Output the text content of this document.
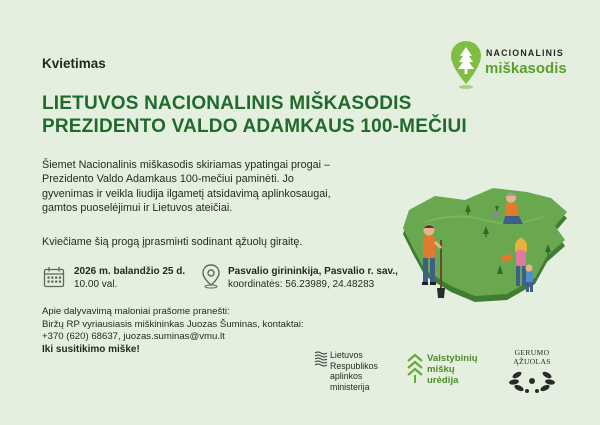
Kvietimas
LIETUVOS NACIONALINIS MIŠKASODIS
PREZIDENTO VALDO ADAMKAUS 100-MEČIUI
NACIONALINIS
miškasodis
Šiemet Nacionalinis miškasodis skiriamas ypatingai progai –
Prezidento Valdo Adamkaus 100-mečiui paminėti. Jo
gyvenimas ir veikla liudija ilgametį atsidavimą aplinkosaugai,
gamtos puoselėjimui ir Lietuvos ateičiai.
Kviečiame šią progą įprasmінti sodinant ąžuolų giraitę.
2026 m. balandžio 25 d.
10.00 val.
Pasvalio girininkija, Pasvalio r. sav.,
koordinatės: 56.23989, 24.48283
Apie dalyvavimą maloniai prašome pranešti:
Biržų RP vyriausiasis miškininkas Juozas Šuminas, kontaktai:
+370 (620) 68637, juozas.suminas@vmu.lt
Iki susitikimo miške!
Lietuvos
Respublikos
aplinkos
ministerija
Valstybinių
miškų
urėdija
GERUMO
ĄŽUOLAS
